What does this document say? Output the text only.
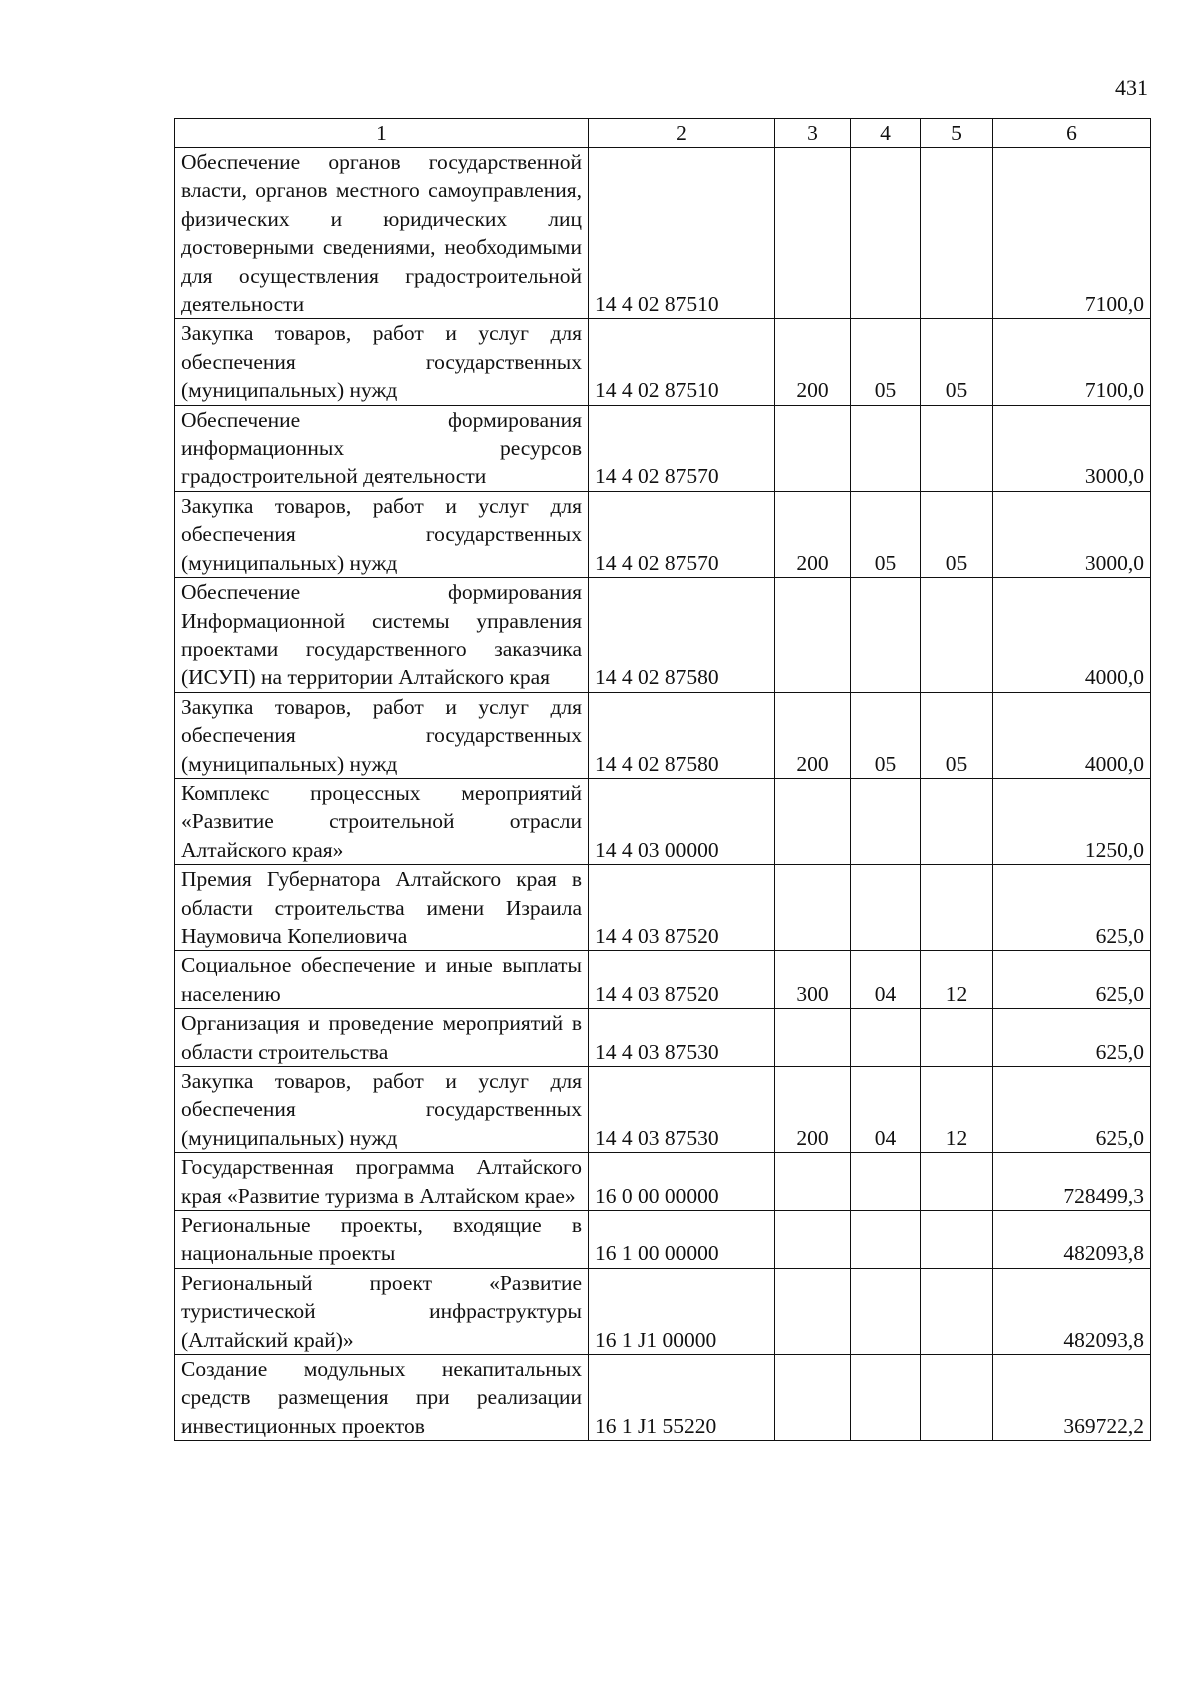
431
1	2	3	4	5	6
Обеспечение органов государственной власти, органов местного самоуправления, физических и юридических лиц достоверными сведениями, необходимыми для осуществления градостроительной деятельности	14 4 02 87510				7100,0
Закупка товаров, работ и услуг для обеспечения государственных (муниципальных) нужд	14 4 02 87510	200	05	05	7100,0
Обеспечение формирования информационных ресурсов градостроительной деятельности	14 4 02 87570				3000,0
Закупка товаров, работ и услуг для обеспечения государственных (муниципальных) нужд	14 4 02 87570	200	05	05	3000,0
Обеспечение формирования Информационной системы управления проектами государственного заказчика (ИСУП) на территории Алтайского края	14 4 02 87580				4000,0
Закупка товаров, работ и услуг для обеспечения государственных (муниципальных) нужд	14 4 02 87580	200	05	05	4000,0
Комплекс процессных мероприятий «Развитие строительной отрасли Алтайского края»	14 4 03 00000				1250,0
Премия Губернатора Алтайского края в области строительства имени Израила Наумовича Копелиовича	14 4 03 87520				625,0
Социальное обеспечение и иные выплаты населению	14 4 03 87520	300	04	12	625,0
Организация и проведение мероприятий в области строительства	14 4 03 87530				625,0
Закупка товаров, работ и услуг для обеспечения государственных (муниципальных) нужд	14 4 03 87530	200	04	12	625,0
Государственная программа Алтайского края «Развитие туризма в Алтайском крае»	16 0 00 00000				728499,3
Региональные проекты, входящие в национальные проекты	16 1 00 00000				482093,8
Региональный проект «Развитие туристической инфраструктуры (Алтайский край)»	16 1 J1 00000				482093,8
Создание модульных некапитальных средств размещения при реализации инвестиционных проектов	16 1 J1 55220				369722,2
